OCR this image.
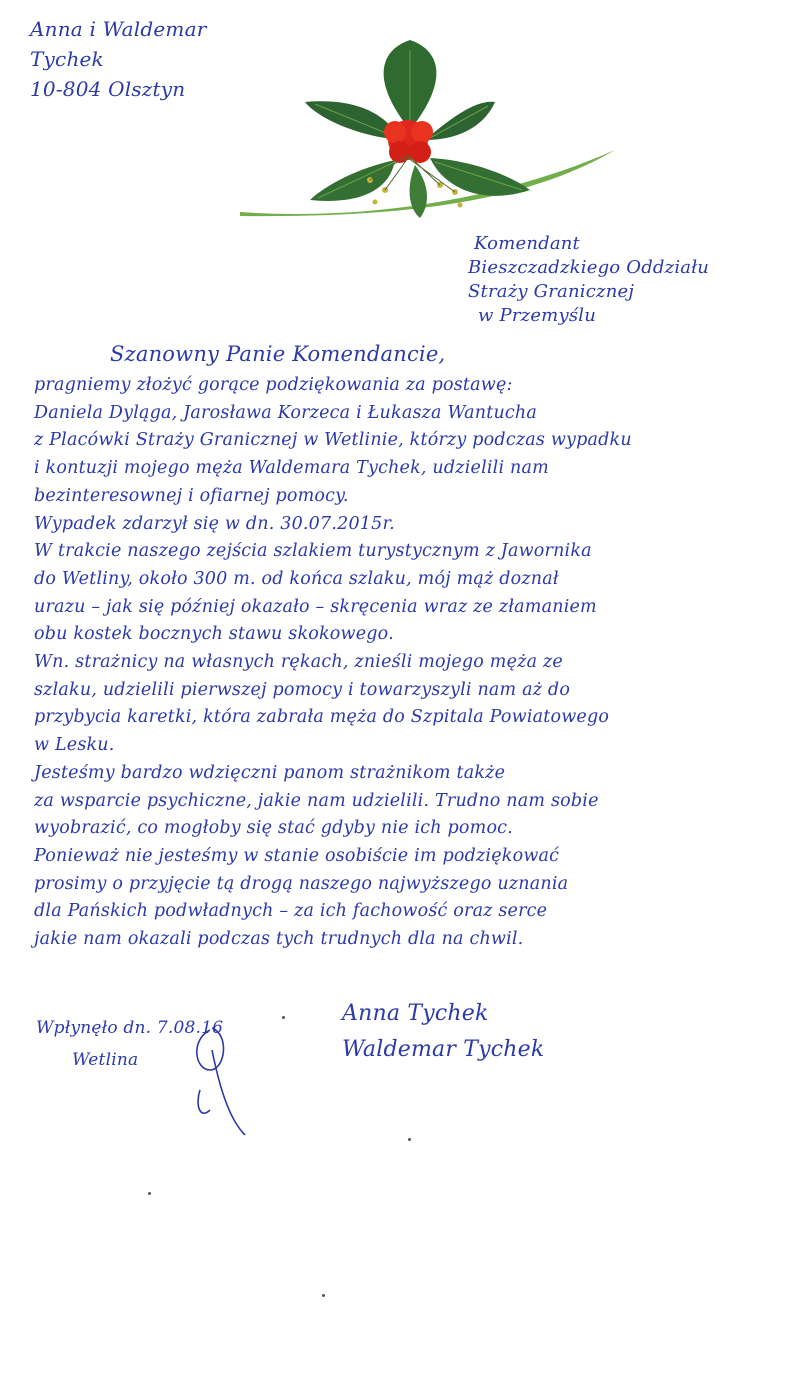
Anna i Waldemar
Tychek
10-804 Olsztyn
Komendant
Bieszczadzkiego Oddziału
Straży Granicznej
w Przemyślu
Szanowny Panie Komendancie,
pragniemy złożyć gorące podziękowania za postawę:
Daniela Dyląga, Jarosława Korzeca i Łukasza Wantucha
z Placówki Straży Granicznej w Wetlinie, którzy podczas wypadku
i kontuzji mojego męża Waldemara Tychek, udzielili nam
bezinteresownej i ofiarnej pomocy.
Wypadek zdarzył się w dn. 30.07.2015r.
W trakcie naszego zejścia szlakiem turystycznym z Jawornika
do Wetliny, około 300 m. od końca szlaku, mój mąż doznał
urazu – jak się później okazało – skręcenia wraz ze złamaniem
obu kostek bocznych stawu skokowego.
Wn. strażnicy na własnych rękach, znieśli mojego męża ze
szlaku, udzielili pierwszej pomocy i towarzyszyli nam aż do
przybycia karetki, która zabrała męża do Szpitala Powiatowego
w Lesku.
Jesteśmy bardzo wdzięczni panom strażnikom także
za wsparcie psychiczne, jakie nam udzielili. Trudno nam sobie
wyobrazić, co mogłoby się stać gdyby nie ich pomoc.
Ponieważ nie jesteśmy w stanie osobiście im podziękować
prosimy o przyjęcie tą drogą naszego najwyższego uznania
dla Pańskich podwładnych – za ich fachowość oraz serce
jakie nam okazali podczas tych trudnych dla na chwil.
Wpłynęło dn. 7.08.16
Wetlina
Anna Tychek
Waldemar Tychek
